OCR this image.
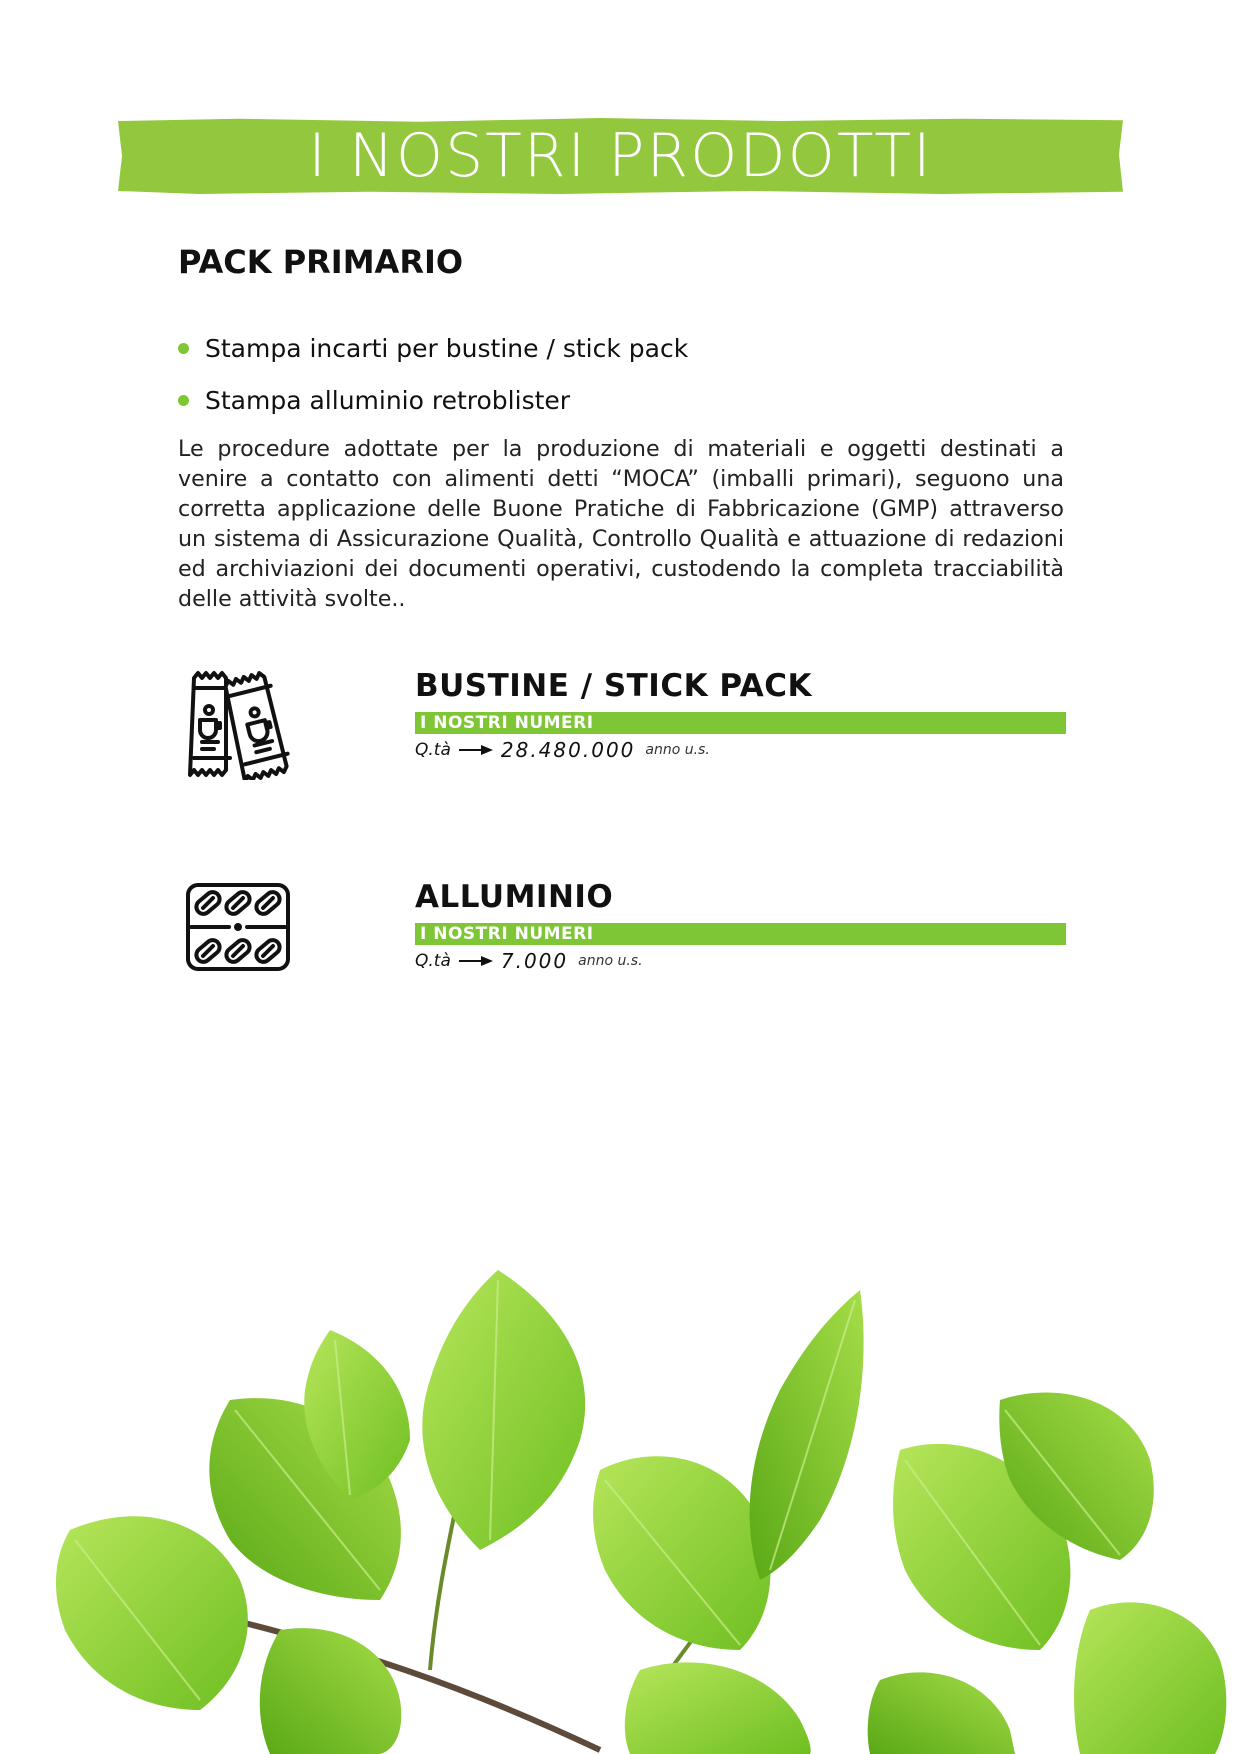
I NOSTRI PRODOTTI
PACK PRIMARIO
Stampa incarti per bustine / stick pack
Stampa alluminio retroblister

Le procedure adottate per la produzione di materiali e oggetti destinati a venire a contatto con alimenti detti “MOCA” (imballi primari), seguono una corretta applicazione delle Buone Pratiche di Fabbricazione (GMP) attraverso un sistema di Assicurazione Qualità, Controllo Qualità e attuazione di redazioni ed archiviazioni dei documenti operativi, custodendo la completa tracciabilità delle attività svolte..

BUSTINE / STICK PACK
I NOSTRI NUMERI
Q.tà	28.480.000 anno u.s.
ALLUMINIO
I NOSTRI NUMERI
Q.tà	7.000 anno u.s.
